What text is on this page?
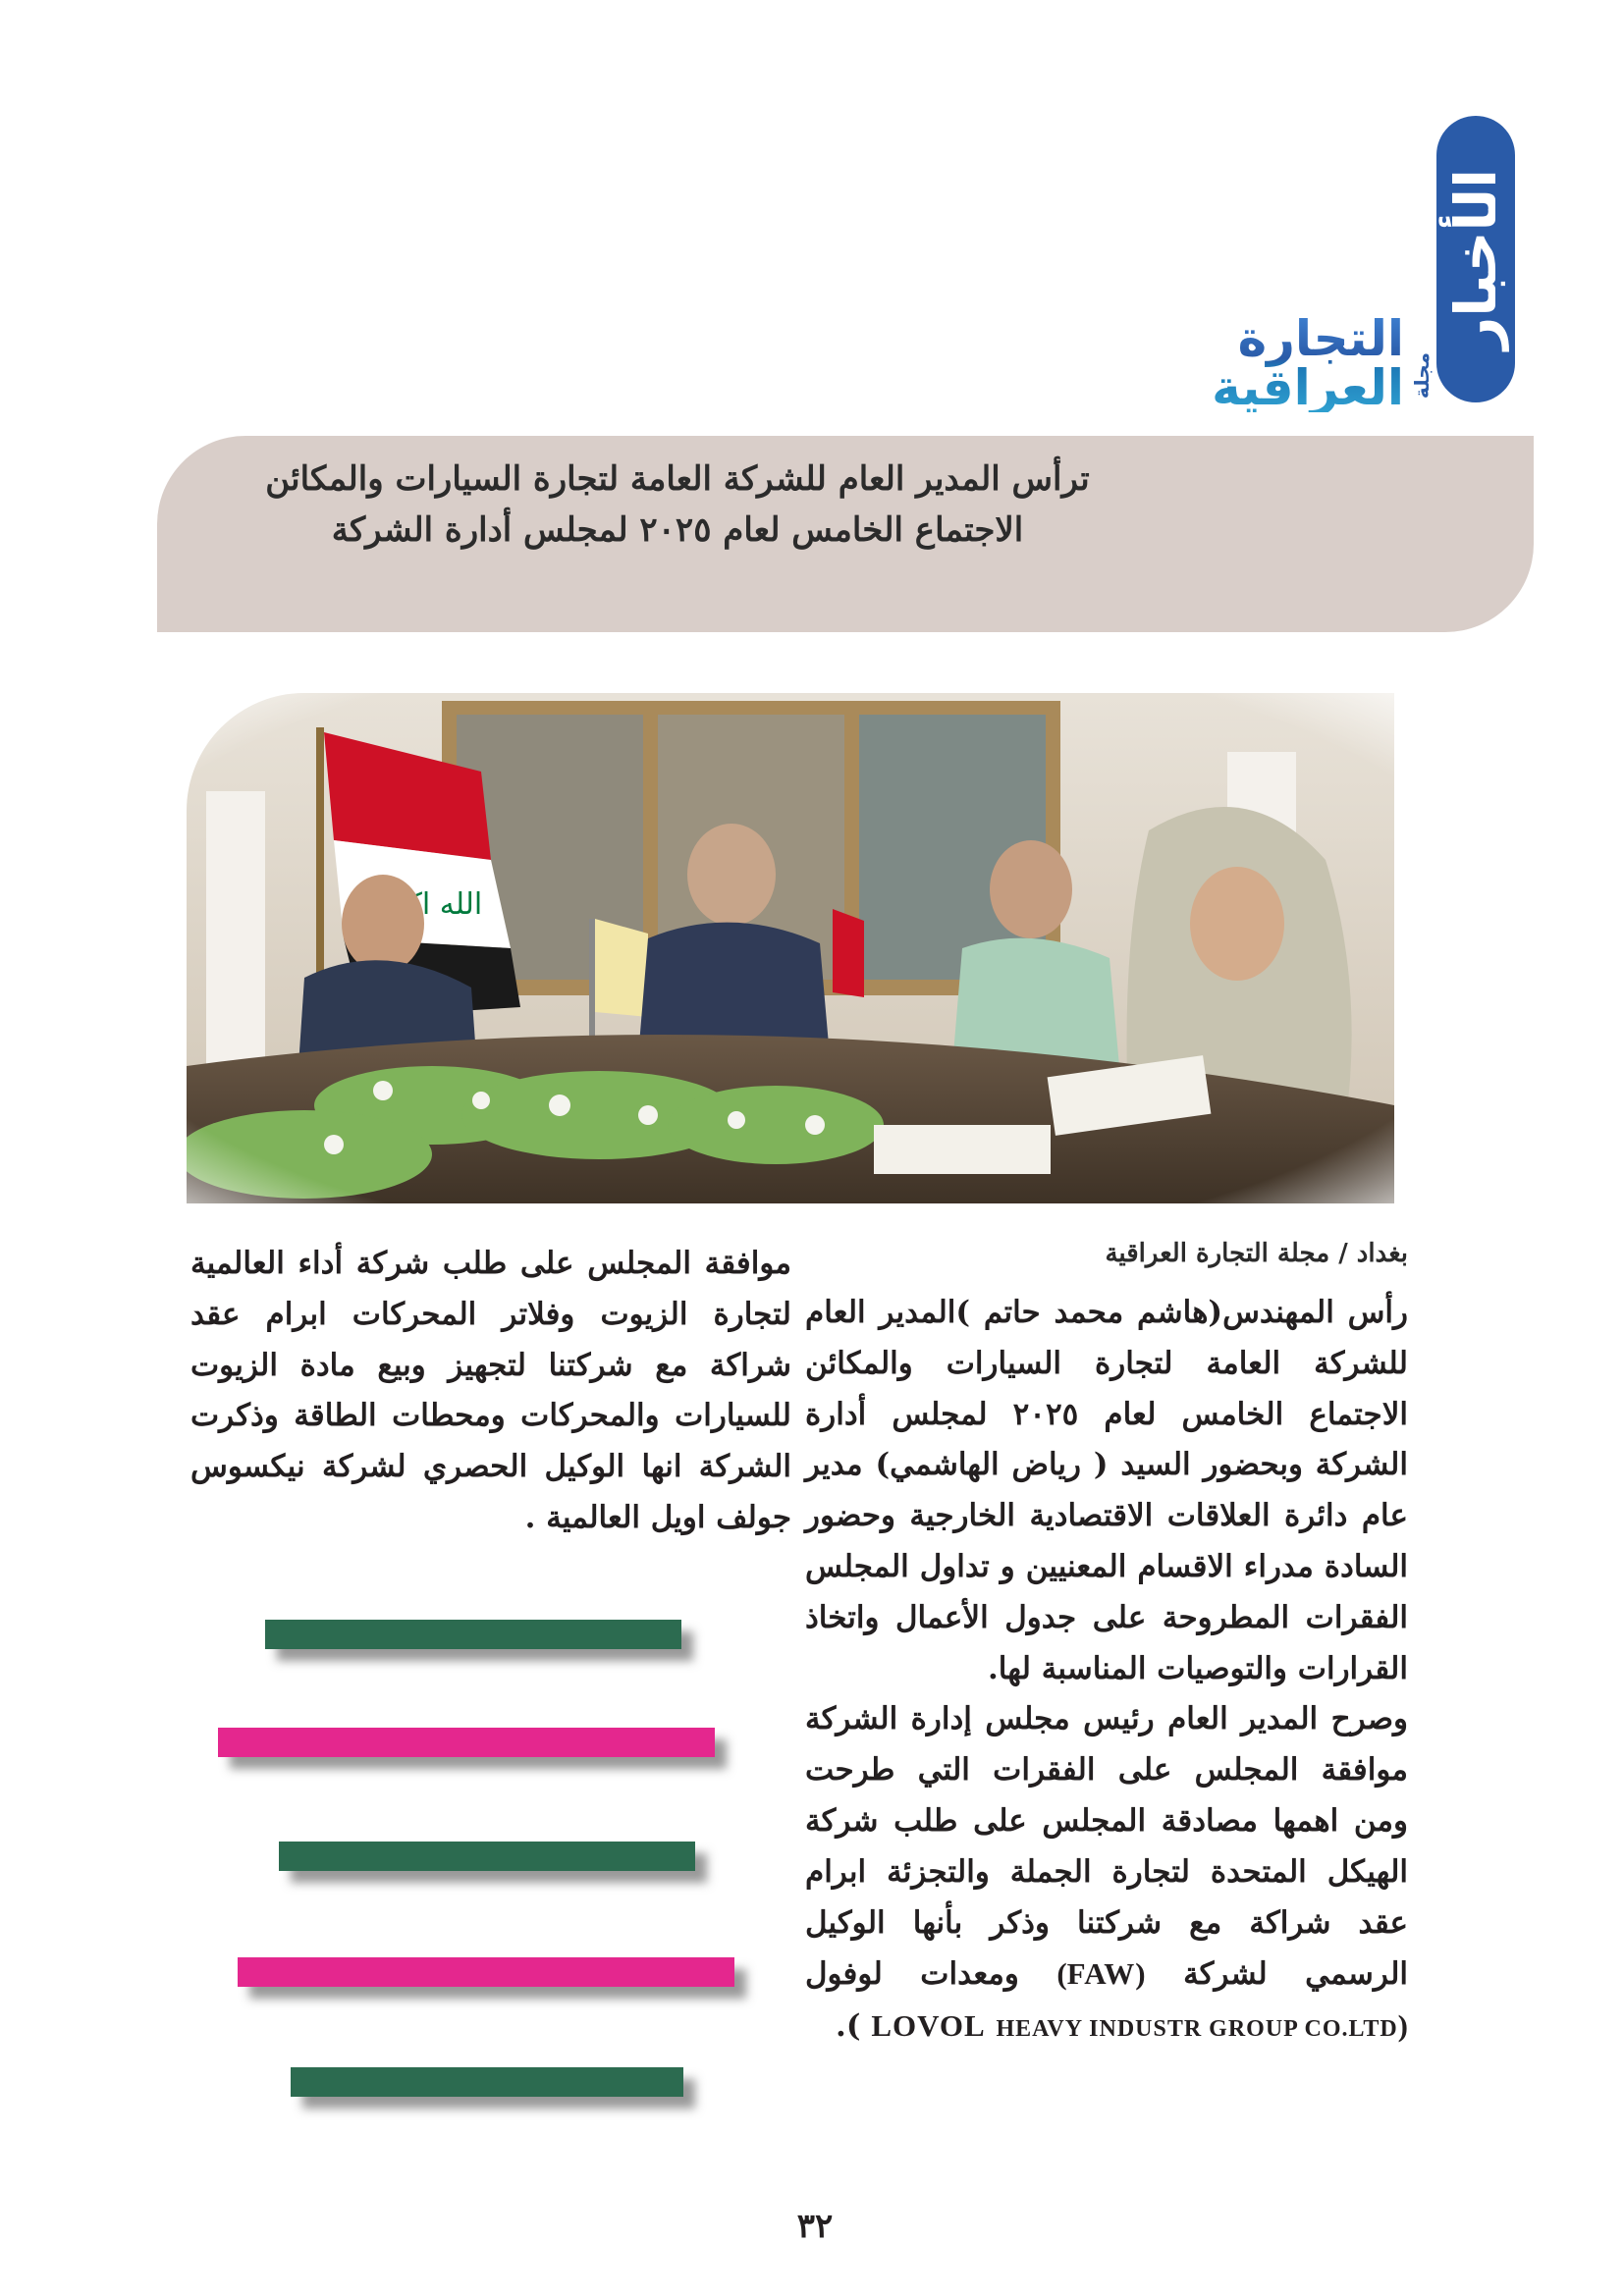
الأخبار
مجلة
التجارة العراقية
ترأس المدير العام للشركة العامة لتجارة السيارات والمكائن
الاجتماع الخامس لعام ٢٠٢٥ لمجلس أدارة الشركة
بغداد / مجلة التجارة العراقية

رأس المهندس(هاشم محمد حاتم )المدير العام للشركة العامة لتجارة السيارات والمكائن الاجتماع الخامس لعام ٢٠٢٥ لمجلس أدارة الشركة وبحضور السيد ( رياض الهاشمي) مدير عام دائرة العلاقات الاقتصادية الخارجية وحضور السادة مدراء الاقسام المعنيين و تداول المجلس الفقرات المطروحة على جدول الأعمال واتخاذ القرارات والتوصيات المناسبة لها.

وصرح المدير العام رئيس مجلس إدارة الشركة موافقة المجلس على الفقرات التي طرحت ومن اهمها مصادقة المجلس على طلب شركة الهيكل المتحدة لتجارة الجملة والتجزئة ابرام عقد شراكة مع شركتنا وذكر بأنها الوكيل الرسمي لشركة (FAW) ومعدات لوفول (LOVOL HEAVY INDUSTR GROUP CO.LTD ).

موافقة المجلس على طلب شركة أداء العالمية لتجارة الزيوت وفلاتر المحركات ابرام عقد شراكة مع شركتنا لتجهيز وبيع مادة الزيوت للسيارات والمحركات ومحطات الطاقة وذكرت الشركة انها الوكيل الحصري لشركة نيكسوس جولف اويل العالمية .

٣٢
